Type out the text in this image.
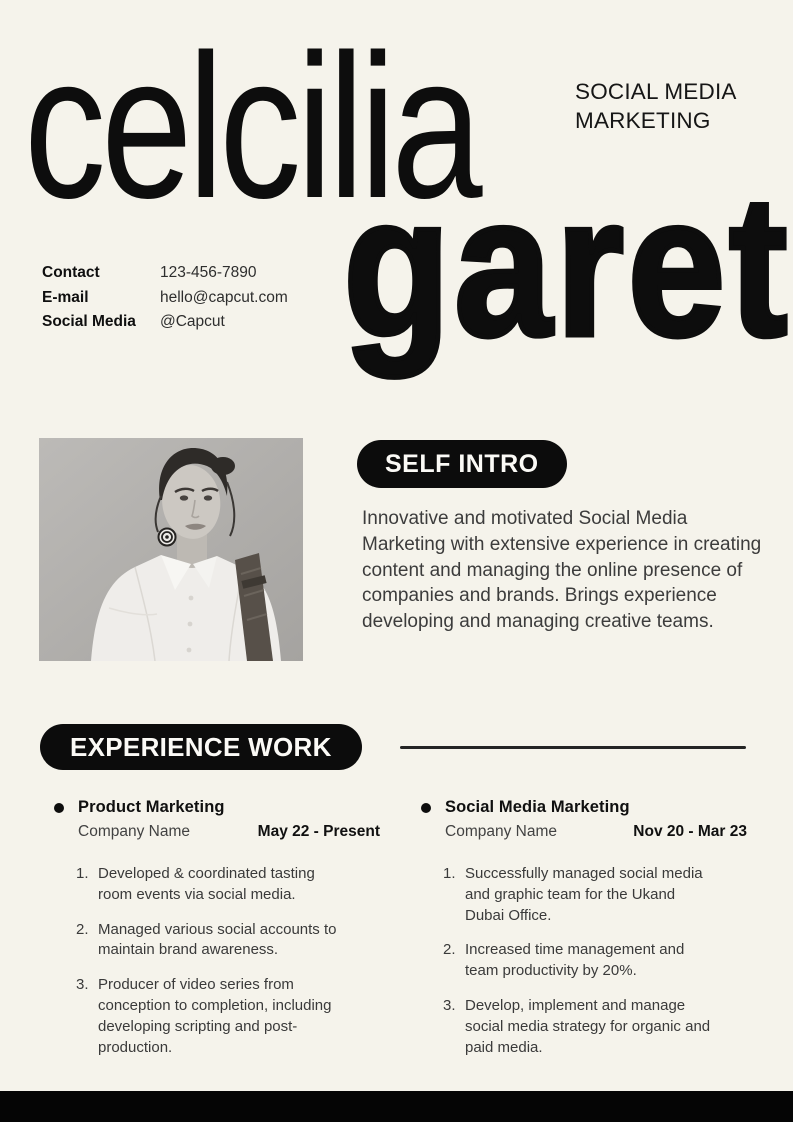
celcilia	SOCIAL MEDIA
MARKETING
garet
Contact	123-456-7890
E-mail	hello@capcut.com
Social Media	@Capcut
SELF INTRO

Innovative and motivated Social Media Marketing with extensive experience in creating content and managing the online presence of companies and brands. Brings experience developing and managing creative teams.

EXPERIENCE WORK
Product Marketing
Company Name	May 22 - Present
1. Developed & coordinated tasting room events via social media.
2. Managed various social accounts to maintain brand awareness.
3. Producer of video series from conception to completion, including developing scripting and post-production.
Social Media Marketing
Company Name	Nov 20 - Mar 23
1. Successfully managed social media and graphic team for the Ukand Dubai Office.
2. Increased time management and team productivity by 20%.
3. Develop, implement and manage social media strategy for organic and paid media.
